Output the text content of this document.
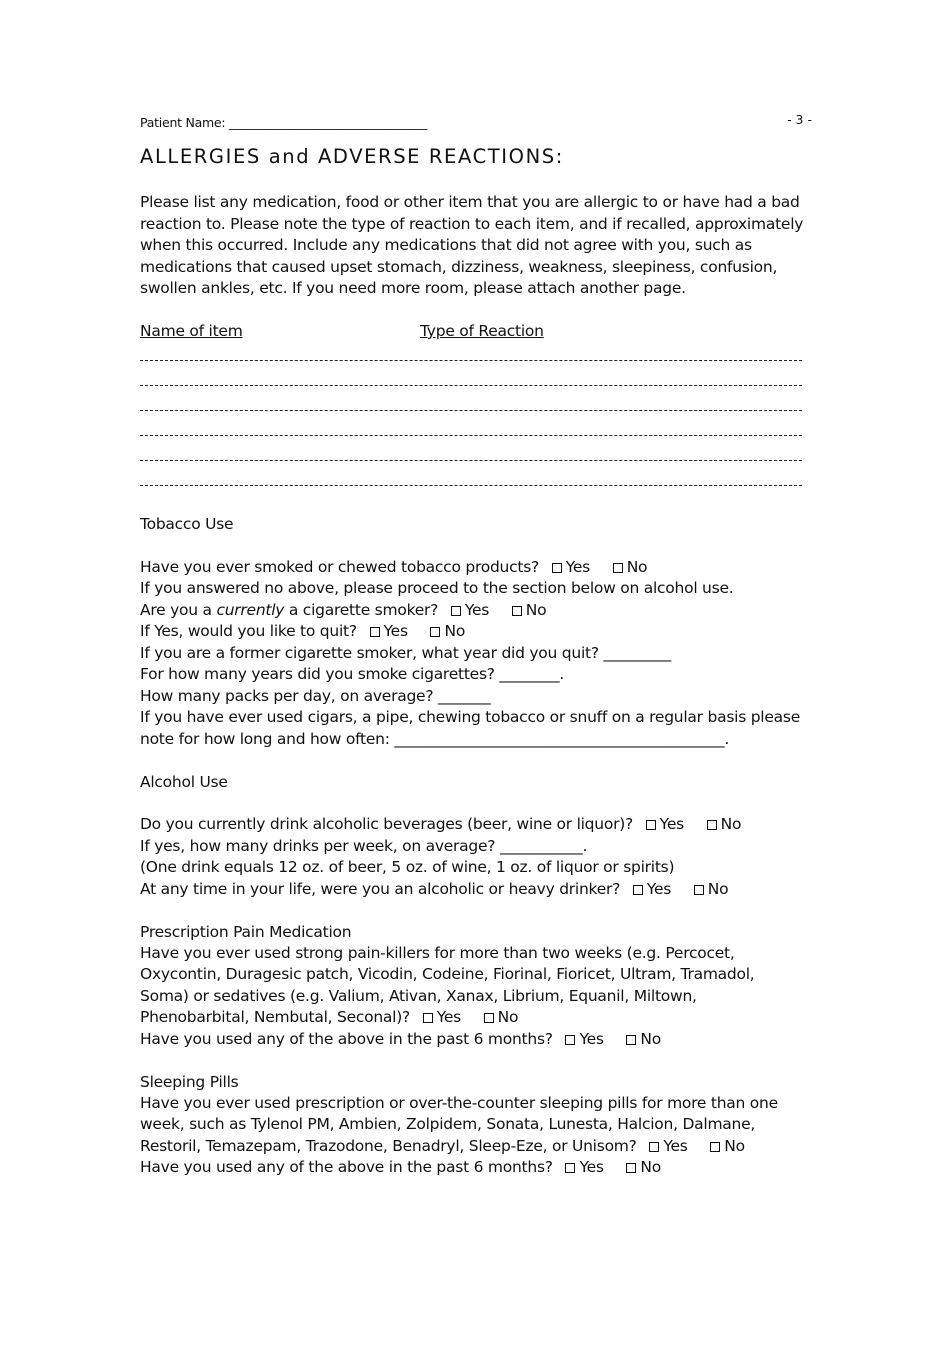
Patient Name: _________________________________	- 3 -
ALLERGIES and ADVERSE REACTIONS:
Please list any medication, food or other item that you are allergic to or have had a bad
reaction to. Please note the type of reaction to each item, and if recalled, approximately
when this occurred. Include any medications that did not agree with you, such as
medications that caused upset stomach, dizziness, weakness, sleepiness, confusion,
swollen ankles, etc. If you need more room, please attach another page.
Name of item	Type of Reaction
Tobacco Use
Have you ever smoked or chewed tobacco products? Yes No
If you answered no above, please proceed to the section below on alcohol use.
Are you a currently a cigarette smoker? Yes No
If Yes, would you like to quit? Yes No
If you are a former cigarette smoker, what year did you quit? _________
For how many years did you smoke cigarettes? ________.
How many packs per day, on average? _______
If you have ever used cigars, a pipe, chewing tobacco or snuff on a regular basis please
note for how long and how often: ____________________________________________.
Alcohol Use
Do you currently drink alcoholic beverages (beer, wine or liquor)? Yes No
If yes, how many drinks per week, on average? ___________.
(One drink equals 12 oz. of beer, 5 oz. of wine, 1 oz. of liquor or spirits)
At any time in your life, were you an alcoholic or heavy drinker? Yes No
Prescription Pain Medication
Have you ever used strong pain-killers for more than two weeks (e.g. Percocet,
Oxycontin, Duragesic patch, Vicodin, Codeine, Fiorinal, Fioricet, Ultram, Tramadol,
Soma) or sedatives (e.g. Valium, Ativan, Xanax, Librium, Equanil, Miltown,
Phenobarbital, Nembutal, Seconal)? Yes No
Have you used any of the above in the past 6 months? Yes No
Sleeping Pills
Have you ever used prescription or over-the-counter sleeping pills for more than one
week, such as Tylenol PM, Ambien, Zolpidem, Sonata, Lunesta, Halcion, Dalmane,
Restoril, Temazepam, Trazodone, Benadryl, Sleep-Eze, or Unisom? Yes No
Have you used any of the above in the past 6 months? Yes No
